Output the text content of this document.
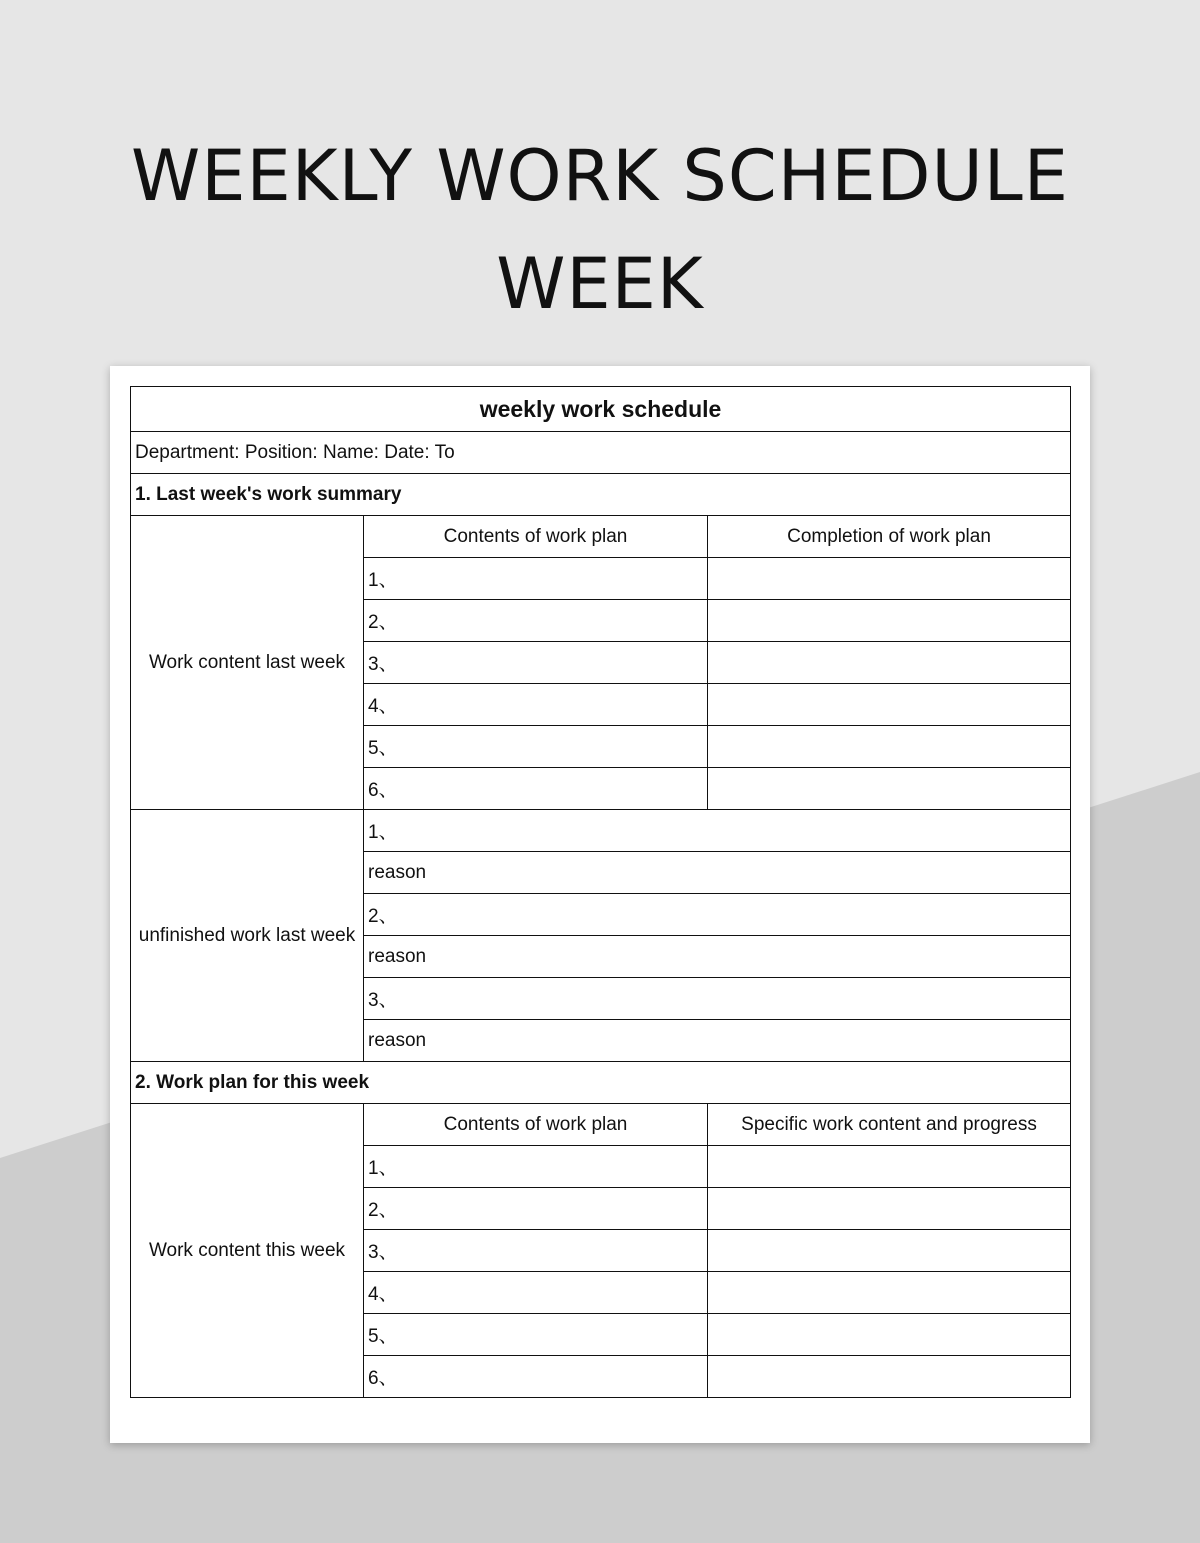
WEEKLY WORK SCHEDULE
WEEK
weekly work schedule		
Department: Position: Name: Date: To		
1. Last week's work summary		
Work content last week	Contents of work plan	Completion of work plan
	1、	
	2、	
	3、	
	4、	
	5、	
	6、	
unfinished work last week	1、	
	reason	
	2、	
	reason	
	3、	
	reason	
2. Work plan for this week		
Work content this week	Contents of work plan	Specific work content and progress
	1、	
	2、	
	3、	
	4、	
	5、	
	6、	
